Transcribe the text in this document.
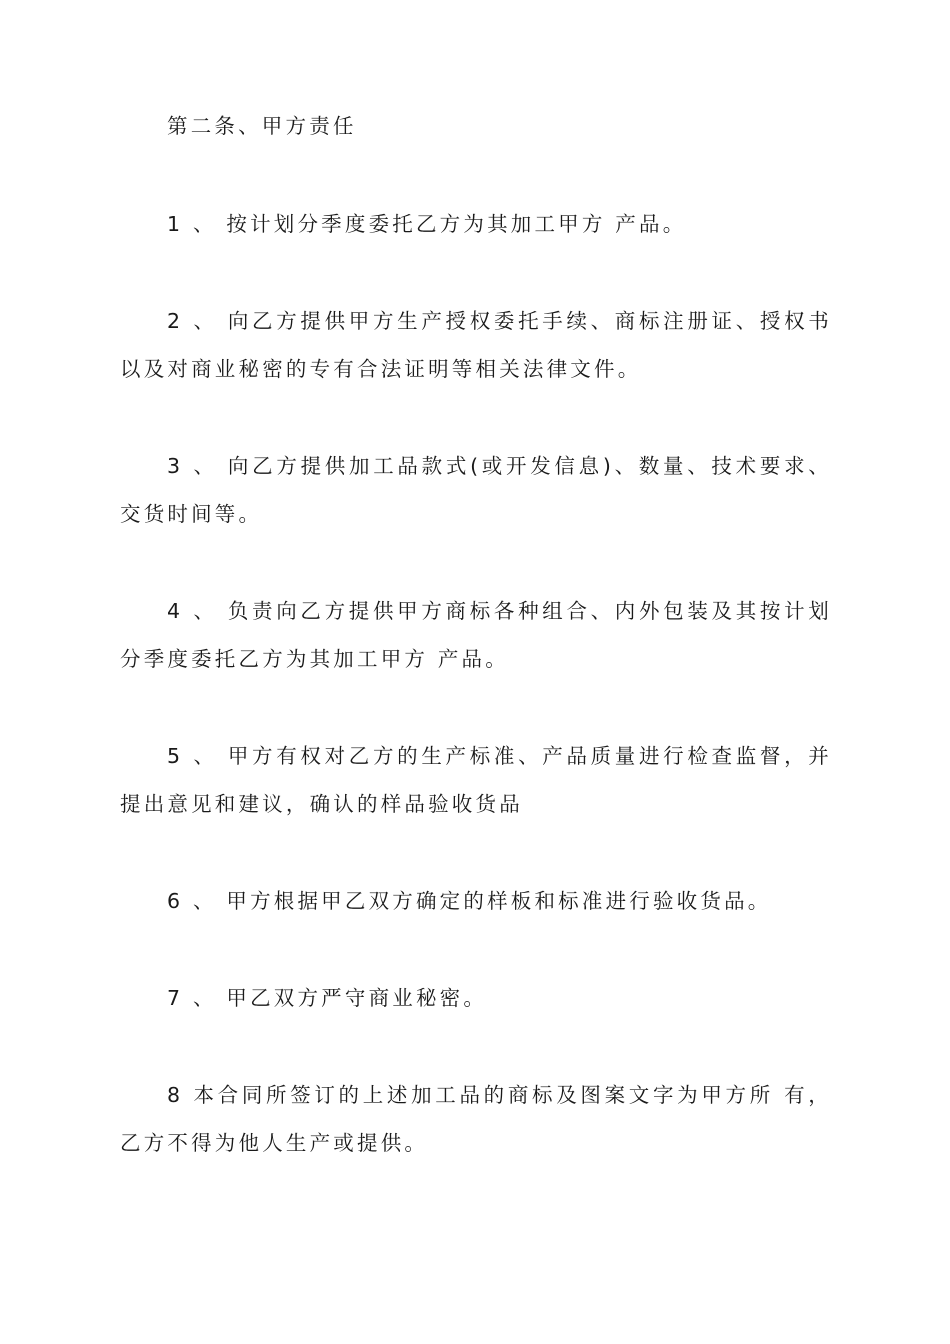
第二条、甲方责任

1 、 按计划分季度委托乙方为其加工甲方 产品。

2 、 向乙方提供甲方生产授权委托手续、商标注册证、授权书以及对商业秘密的专有合法证明等相关法律文件。

3 、 向乙方提供加工品款式(或开发信息)、数量、技术要求、交货时间等。

4 、 负责向乙方提供甲方商标各种组合、内外包装及其按计划分季度委托乙方为其加工甲方 产品。

5 、 甲方有权对乙方的生产标准、产品质量进行检查监督，并提出意见和建议，确认的样品验收货品

6 、 甲方根据甲乙双方确定的样板和标准进行验收货品。

7 、 甲乙双方严守商业秘密。

8 本合同所签订的上述加工品的商标及图案文字为甲方所 有，乙方不得为他人生产或提供。
